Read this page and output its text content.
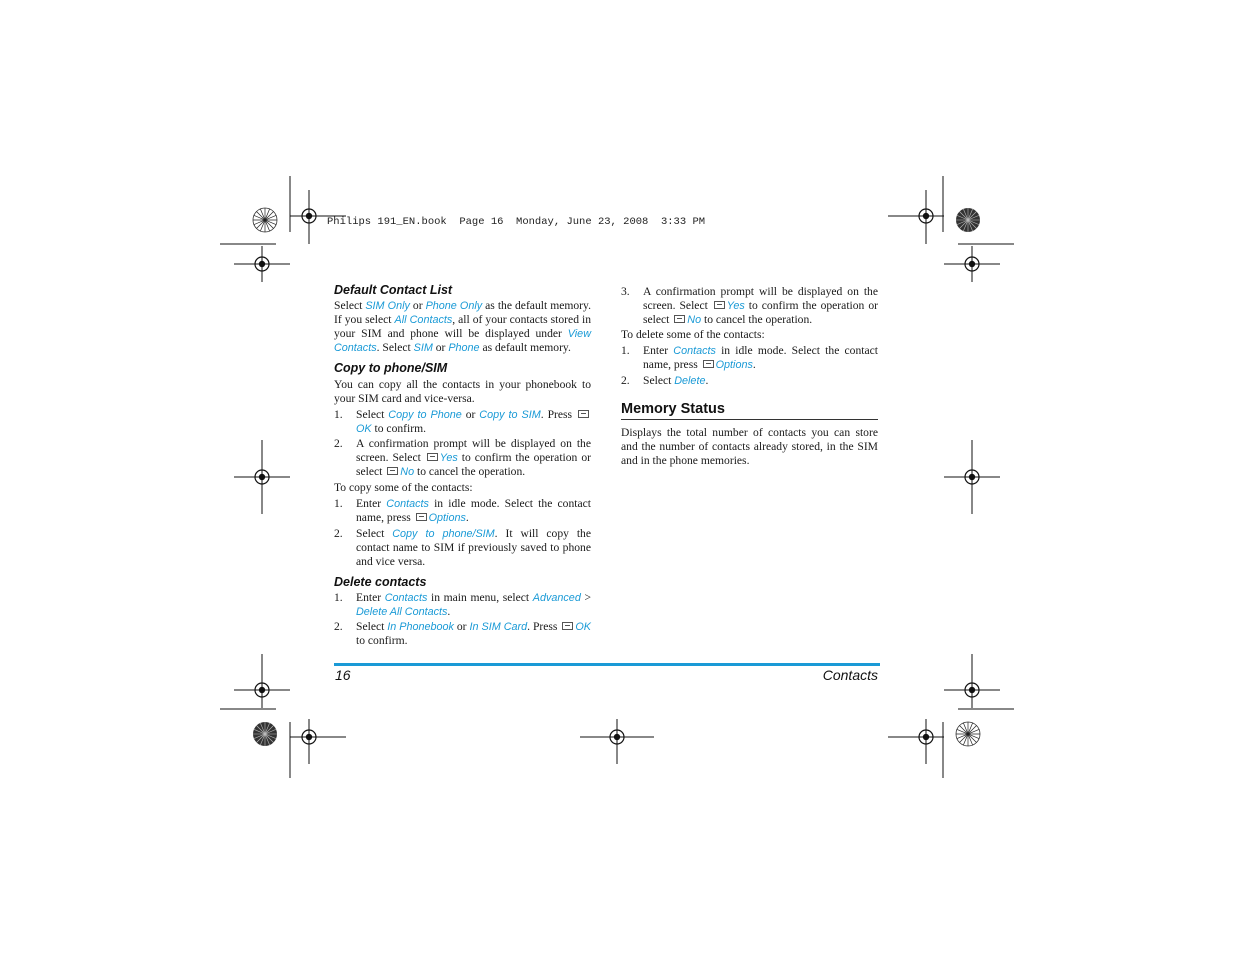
Philips 191_EN.book  Page 16  Monday, June 23, 2008  3:33 PM
Default Contact List

Select SIM Only or Phone Only as the default memory. If you select All Contacts, all of your contacts stored in your SIM and phone will be displayed under View Contacts. Select SIM or Phone as default memory.

Copy to phone/SIM

You can copy all the contacts in your phonebook to your SIM card and vice-versa.

1. Select Copy to Phone or Copy to SIM. Press OK to confirm.
2. A confirmation prompt will be displayed on the screen. Select Yes to confirm the operation or select No to cancel the operation.

To copy some of the contacts:

1. Enter Contacts in idle mode. Select the contact name, press Options.
2. Select Copy to phone/SIM. It will copy the contact name to SIM if previously saved to phone and vice versa.
Delete contacts
1. Enter Contacts in main menu, select Advanced > Delete All Contacts.
2. Select In Phonebook or In SIM Card. Press OK to confirm.
3. A confirmation prompt will be displayed on the screen. Select Yes to confirm the operation or select No to cancel the operation.

To delete some of the contacts:

1. Enter Contacts in idle mode. Select the contact name, press Options.
2. Select Delete.
Memory Status

Displays the total number of contacts you can store and the number of contacts already stored, in the SIM and in the phone memories.

16	Contacts
